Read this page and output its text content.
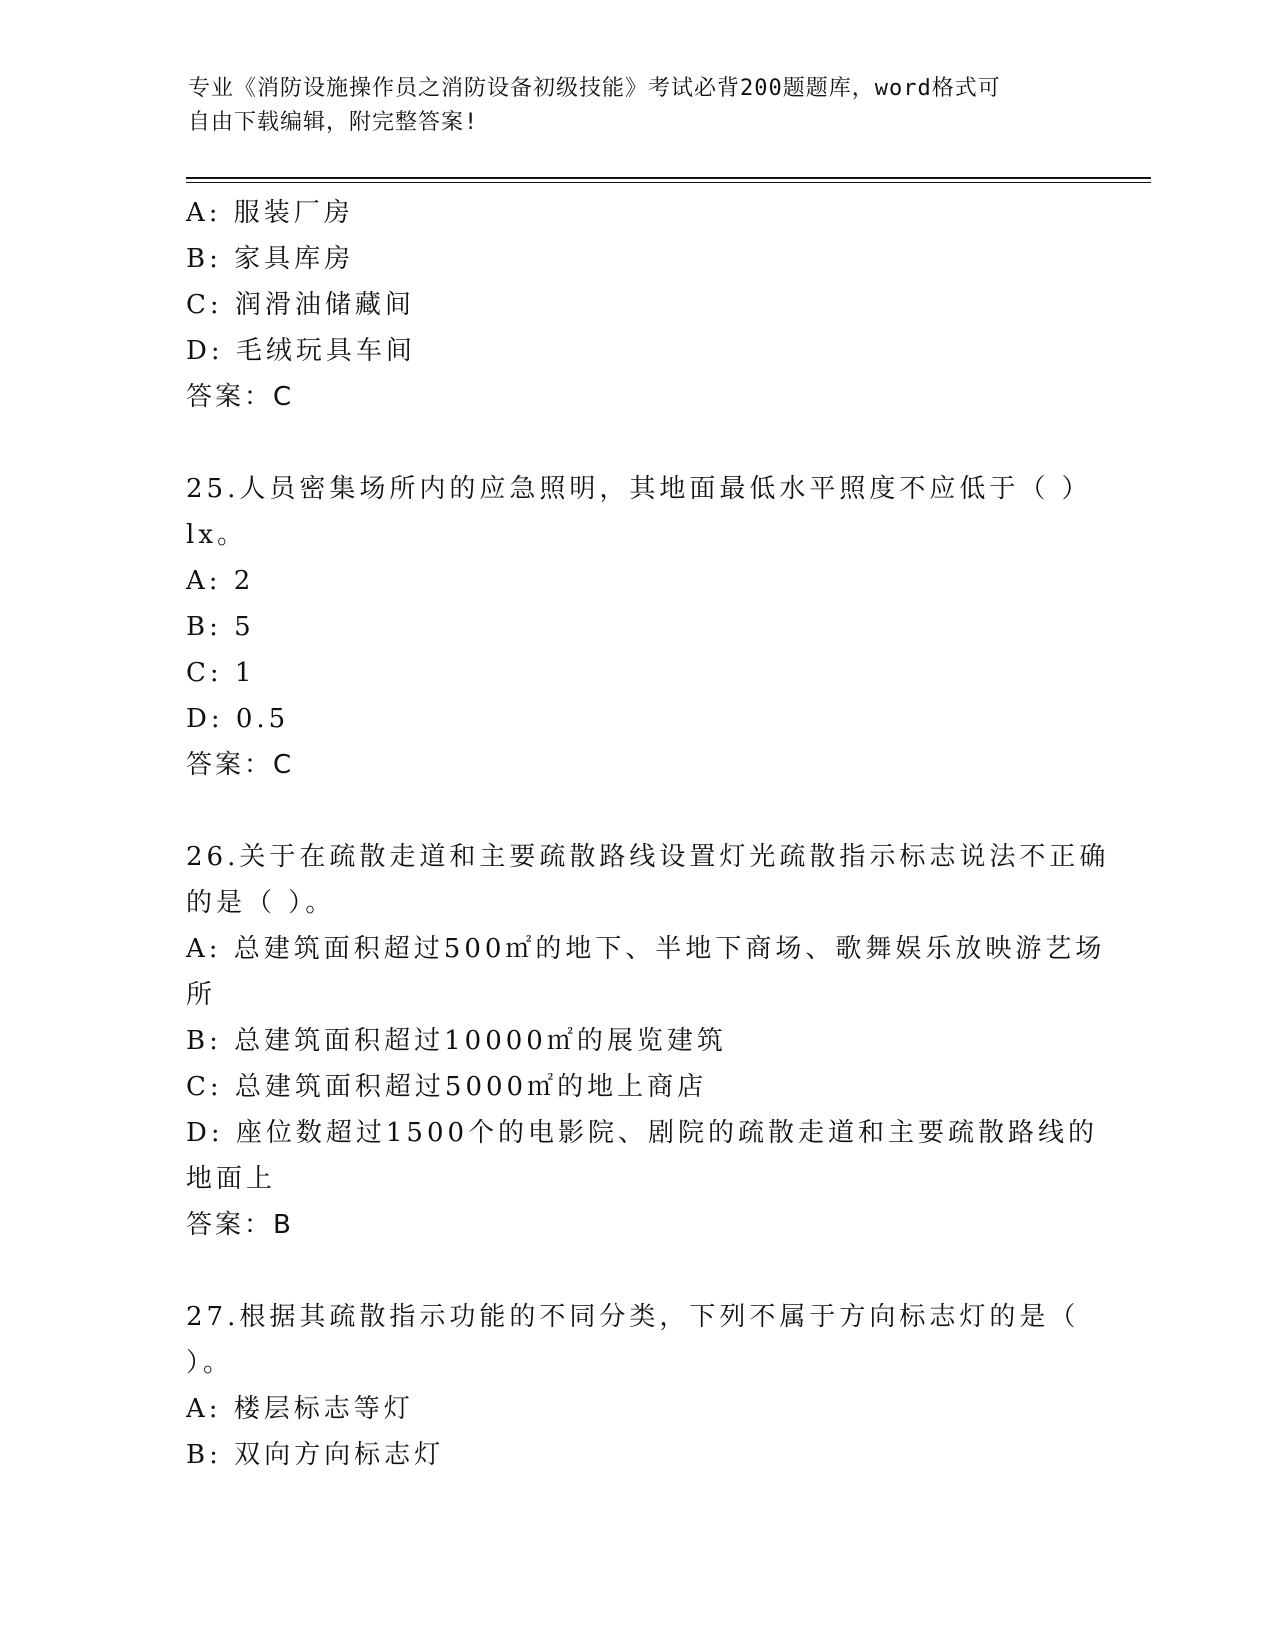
专业《消防设施操作员之消防设备初级技能》考试必背200题题库，word格式可
自由下载编辑，附完整答案!
A: 服装厂房
B: 家具库房
C: 润滑油储藏间
D: 毛绒玩具车间
答案：C
25.人员密集场所内的应急照明，其地面最低水平照度不应低于（ ）
lx。
A: 2
B: 5
C: 1
D: 0.5
答案：C
26.关于在疏散走道和主要疏散路线设置灯光疏散指示标志说法不正确
的是（ ）。
A: 总建筑面积超过500㎡的地下、半地下商场、歌舞娱乐放映游艺场
所
B: 总建筑面积超过10000㎡的展览建筑
C: 总建筑面积超过5000㎡的地上商店
D: 座位数超过1500个的电影院、剧院的疏散走道和主要疏散路线的
地面上
答案：B
27.根据其疏散指示功能的不同分类，下列不属于方向标志灯的是（
）。
A: 楼层标志等灯
B: 双向方向标志灯
